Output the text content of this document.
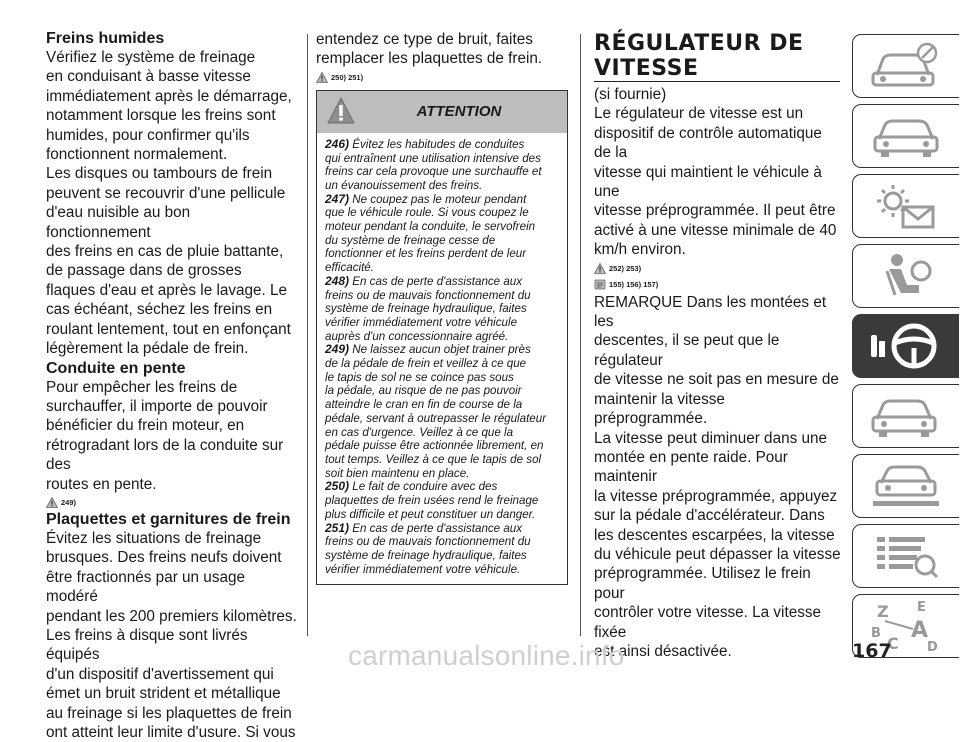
Freins humides

Vérifiez le système de freinage
en conduisant à basse vitesse
immédiatement après le démarrage,
notamment lorsque les freins sont
humides, pour confirmer qu'ils
fonctionnent normalement.
Les disques ou tambours de frein
peuvent se recouvrir d'une pellicule
d'eau nuisible au bon fonctionnement
des freins en cas de pluie battante,
de passage dans de grosses
flaques d'eau et après le lavage. Le
cas échéant, séchez les freins en
roulant lentement, tout en enfonçant
légèrement la pédale de frein.

Conduite en pente

Pour empêcher les freins de
surchauffer, il importe de pouvoir
bénéficier du frein moteur, en
rétrogradant lors de la conduite sur des
routes en pente.

249)
Plaquettes et garnitures de frein

Évitez les situations de freinage
brusques. Des freins neufs doivent
être fractionnés par un usage modéré
pendant les 200 premiers kilomètres.
Les freins à disque sont livrés équipés
d'un dispositif d'avertissement qui
émet un bruit strident et métallique
au freinage si les plaquettes de frein
ont atteint leur limite d'usure. Si vous

entendez ce type de bruit, faites
remplacer les plaquettes de frein.

250) 251)
ATTENTION

246) Évitez les habitudes de conduites
qui entraînent une utilisation intensive des
freins car cela provoque une surchauffe et
un évanouissement des freins.

247) Ne coupez pas le moteur pendant
que le véhicule roule. Si vous coupez le
moteur pendant la conduite, le servofrein
du système de freinage cesse de
fonctionner et les freins perdent de leur
efficacité.

248) En cas de perte d'assistance aux
freins ou de mauvais fonctionnement du
système de freinage hydraulique, faites
vérifier immédiatement votre véhicule
auprès d'un concessionnaire agréé.

249) Ne laissez aucun objet trainer près
de la pédale de frein et veillez à ce que
le tapis de sol ne se coince pas sous
la pédale, au risque de ne pas pouvoir
atteindre le cran en fin de course de la
pédale, servant à outrepasser le régulateur
en cas d'urgence. Veillez à ce que la
pédale puisse être actionnée librement, en
tout temps. Veillez à ce que le tapis de sol
soit bien maintenu en place.

250) Le fait de conduire avec des
plaquettes de frein usées rend le freinage
plus difficile et peut constituer un danger.

251) En cas de perte d'assistance aux
freins ou de mauvais fonctionnement du
système de freinage hydraulique, faites
vérifier immédiatement votre véhicule.

RÉGULATEUR DE
VITESSE

(si fournie)
Le régulateur de vitesse est un
dispositif de contrôle automatique de la
vitesse qui maintient le véhicule à une
vitesse préprogrammée. Il peut être
activé à une vitesse minimale de 40
km/h environ.

252) 253)
155) 156) 157)

REMARQUE Dans les montées et les
descentes, il se peut que le régulateur
de vitesse ne soit pas en mesure de
maintenir la vitesse préprogrammée.
La vitesse peut diminuer dans une
montée en pente raide. Pour maintenir
la vitesse préprogrammée, appuyez
sur la pédale d'accélérateur. Dans
les descentes escarpées, la vitesse
du véhicule peut dépasser la vitesse
préprogrammée. Utilisez le frein pour
contrôler votre vitesse. La vitesse fixée
est ainsi désactivée.

Z E
B A
C D
carmanualsonline.info	167
